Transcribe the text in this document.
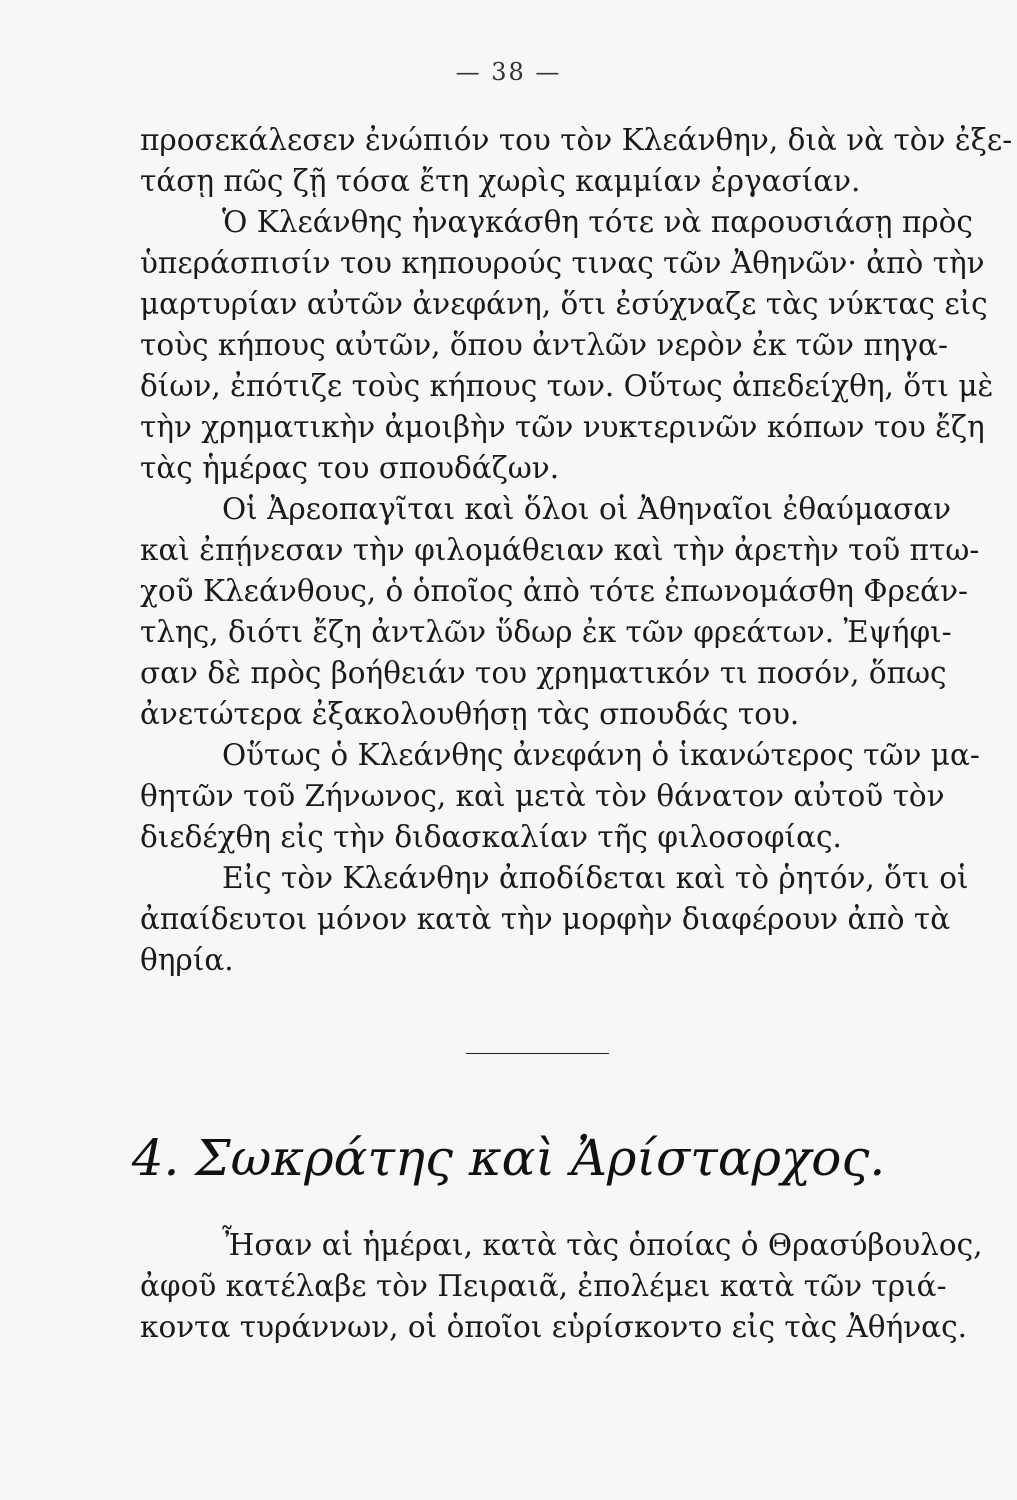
— 38 —
προσεκάλεσεν ἐνώπιόν του τὸν Κλεάνθην, διὰ νὰ τὸν ἐξε-
τάσῃ πῶς ζῇ τόσα ἔτη χωρὶς καμμίαν ἐργασίαν.
Ὁ Κλεάνθης ἠναγκάσθη τότε νὰ παρουσιάσῃ πρὸς
ὑπεράσπισίν του κηπουρούς τινας τῶν Ἀθηνῶν· ἀπὸ τὴν
μαρτυρίαν αὐτῶν ἀνεφάνη, ὅτι ἐσύχναζε τὰς νύκτας εἰς
τοὺς κήπους αὐτῶν, ὅπου ἀντλῶν νερὸν ἐκ τῶν πηγα-
δίων, ἐπότιζε τοὺς κήπους των. Οὕτως ἀπεδείχθη, ὅτι μὲ
τὴν χρηματικὴν ἀμοιβὴν τῶν νυκτερινῶν κόπων του ἔζη
τὰς ἡμέρας του σπουδάζων.
Οἱ Ἀρεοπαγῖται καὶ ὅλοι οἱ Ἀθηναῖοι ἐθαύμασαν
καὶ ἐπῄνεσαν τὴν φιλομάθειαν καὶ τὴν ἀρετὴν τοῦ πτω-
χοῦ Κλεάνθους, ὁ ὁποῖος ἀπὸ τότε ἐπωνομάσθη Φρεάν-
τλης, διότι ἔζη ἀντλῶν ὕδωρ ἐκ τῶν φρεάτων. Ἐψήφι-
σαν δὲ πρὸς βοήθειάν του χρηματικόν τι ποσόν, ὅπως
ἀνετώτερα ἐξακολουθήσῃ τὰς σπουδάς του.
Οὕτως ὁ Κλεάνθης ἀνεφάνη ὁ ἱκανώτερος τῶν μα-
θητῶν τοῦ Ζήνωνος, καὶ μετὰ τὸν θάνατον αὐτοῦ τὸν
διεδέχθη εἰς τὴν διδασκαλίαν τῆς φιλοσοφίας.
Εἰς τὸν Κλεάνθην ἀποδίδεται καὶ τὸ ῥητόν, ὅτι οἱ
ἀπαίδευτοι μόνον κατὰ τὴν μορφὴν διαφέρουν ἀπὸ τὰ
θηρία.
4. Σωκράτης καὶ Ἀρίσταρχος.
Ἦσαν αἱ ἡμέραι, κατὰ τὰς ὁποίας ὁ Θρασύβουλος,
ἀφοῦ κατέλαβε τὸν Πειραιᾶ, ἐπολέμει κατὰ τῶν τριά-
κοντα τυράννων, οἱ ὁποῖοι εὑρίσκοντο εἰς τὰς Ἀθήνας.
